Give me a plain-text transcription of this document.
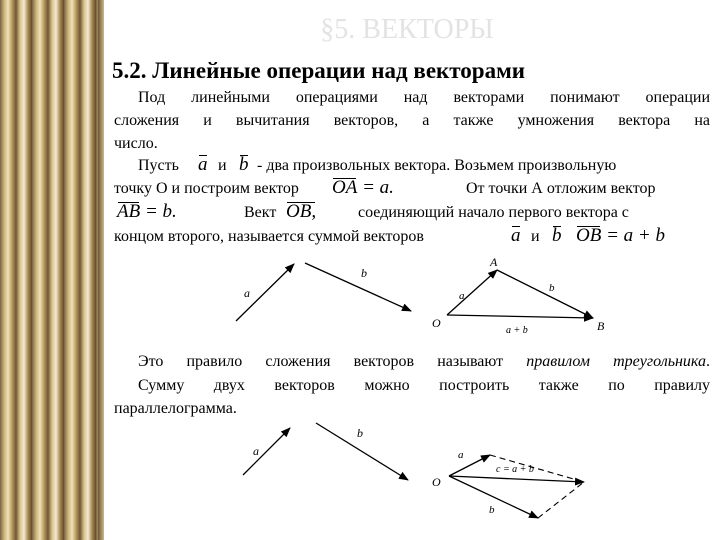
§5. ВЕКТОРЫ
5.2. Линейные операции над векторами
Под линейными операциями над векторами понимают операции
сложения и вычитания векторов, а также умножения вектора на
число.
Пусть a и b - два произвольных вектора. Возьмем произвольную
точку О и построим вектор OA = a.	От точки А отложим вектор
AB = b.	Вект OB,	соединяющий начало первого вектора с
концом второго, называется суммой векторов	a и b OB = a + b
a
b
A
O	B
a
b
a + b
a
b
O
a
b
c = a + b
Это правило сложения векторов называют правилом треугольника.
Сумму двух векторов можно построить также по правилу
параллелограмма.
